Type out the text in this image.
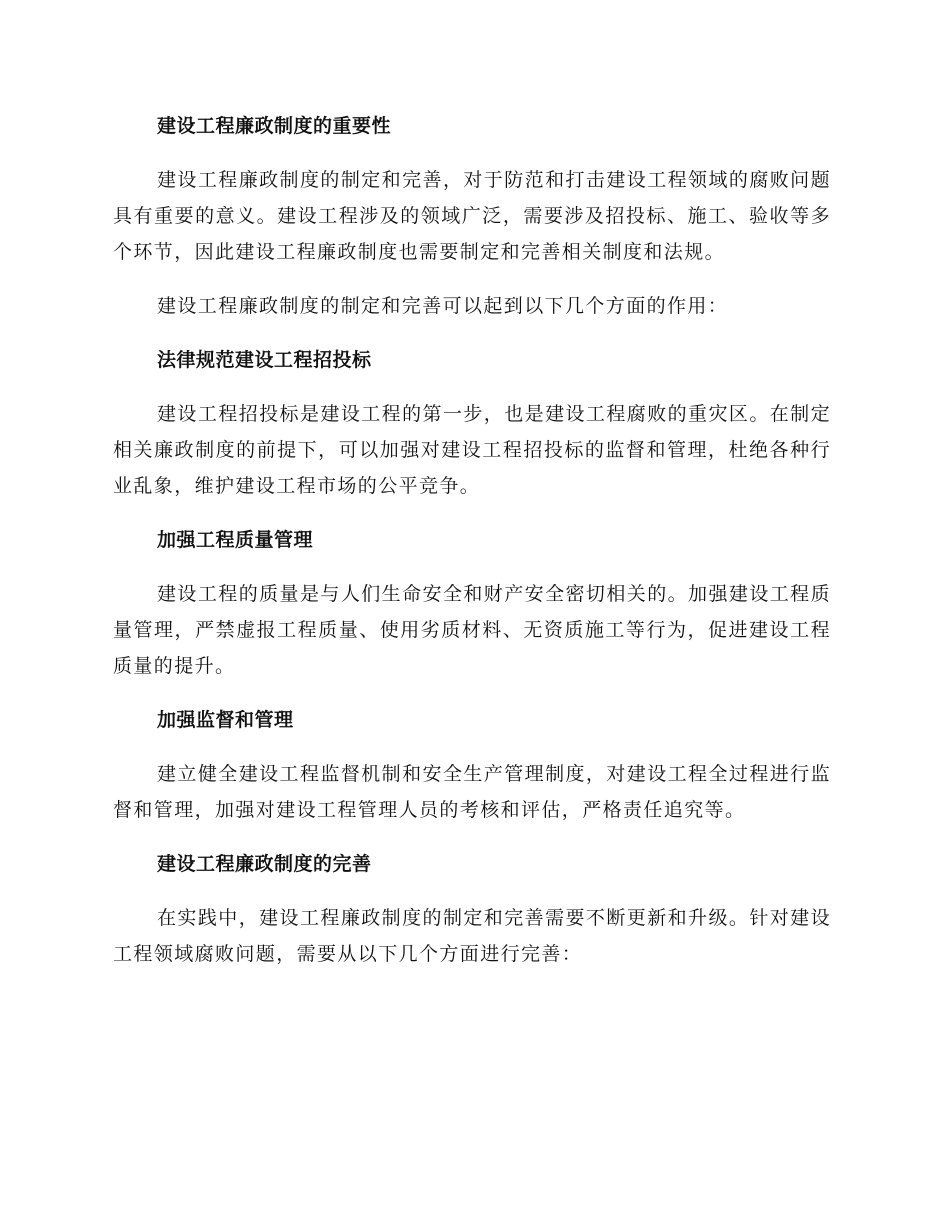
建设工程廉政制度的重要性

建设工程廉政制度的制定和完善，对于防范和打击建设工程领域的腐败问题具有重要的意义。建设工程涉及的领域广泛，需要涉及招投标、施工、验收等多个环节，因此建设工程廉政制度也需要制定和完善相关制度和法规。

建设工程廉政制度的制定和完善可以起到以下几个方面的作用：

法律规范建设工程招投标

建设工程招投标是建设工程的第一步，也是建设工程腐败的重灾区。在制定相关廉政制度的前提下，可以加强对建设工程招投标的监督和管理，杜绝各种行业乱象，维护建设工程市场的公平竞争。

加强工程质量管理

建设工程的质量是与人们生命安全和财产安全密切相关的。加强建设工程质量管理，严禁虚报工程质量、使用劣质材料、无资质施工等行为，促进建设工程质量的提升。

加强监督和管理

建立健全建设工程监督机制和安全生产管理制度，对建设工程全过程进行监督和管理，加强对建设工程管理人员的考核和评估，严格责任追究等。

建设工程廉政制度的完善

在实践中，建设工程廉政制度的制定和完善需要不断更新和升级。针对建设工程领域腐败问题，需要从以下几个方面进行完善：
